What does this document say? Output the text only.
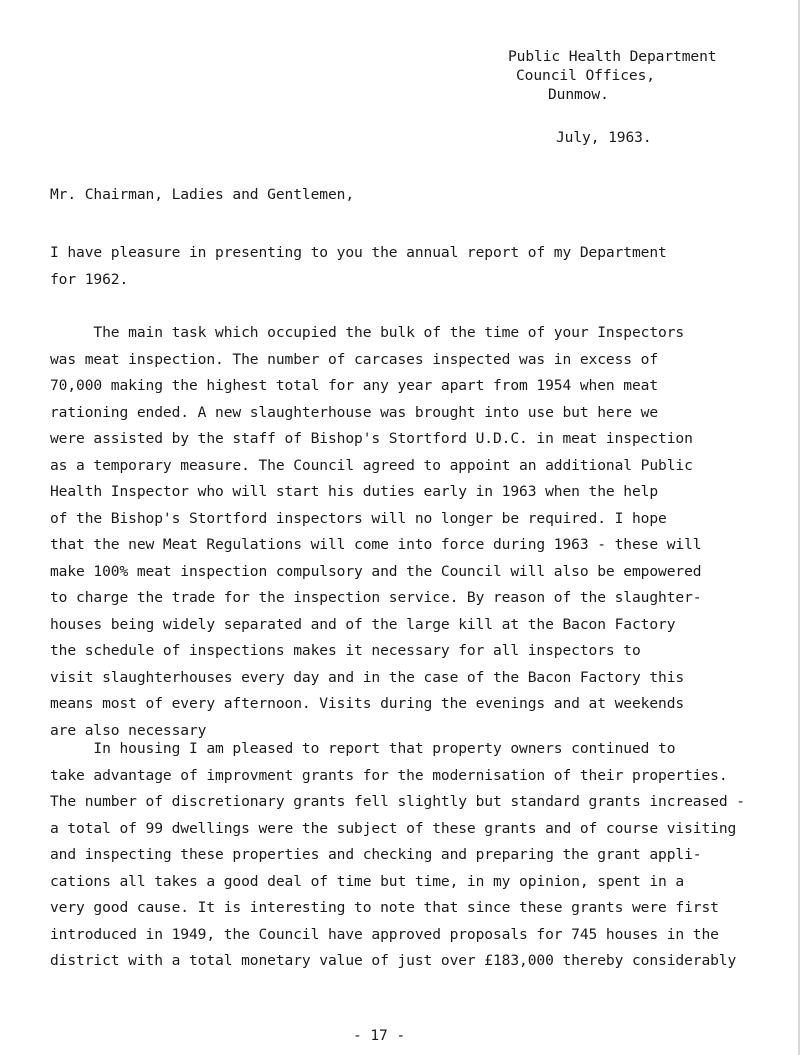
Public Health Department
Council Offices,
Dunmow.
July, 1963.
Mr. Chairman, Ladies and Gentlemen,
I have pleasure in presenting to you the annual report of my Department
for 1962.
The main task which occupied the bulk of the time of your Inspectors
was meat inspection. The number of carcases inspected was in excess of
70,000 making the highest total for any year apart from 1954 when meat
rationing ended. A new slaughterhouse was brought into use but here we
were assisted by the staff of Bishop's Stortford U.D.C. in meat inspection
as a temporary measure. The Council agreed to appoint an additional Public
Health Inspector who will start his duties early in 1963 when the help
of the Bishop's Stortford inspectors will no longer be required. I hope
that the new Meat Regulations will come into force during 1963 - these will
make 100% meat inspection compulsory and the Council will also be empowered
to charge the trade for the inspection service. By reason of the slaughter-
houses being widely separated and of the large kill at the Bacon Factory
the schedule of inspections makes it necessary for all inspectors to
visit slaughterhouses every day and in the case of the Bacon Factory this
means most of every afternoon. Visits during the evenings and at weekends
are also necessary
In housing I am pleased to report that property owners continued to
take advantage of improvment grants for the modernisation of their properties.
The number of discretionary grants fell slightly but standard grants increased -
a total of 99 dwellings were the subject of these grants and of course visiting
and inspecting these properties and checking and preparing the grant appli-
cations all takes a good deal of time but time, in my opinion, spent in a
very good cause. It is interesting to note that since these grants were first
introduced in 1949, the Council have approved proposals for 745 houses in the
district with a total monetary value of just over £183,000 thereby considerably
- 17 -
